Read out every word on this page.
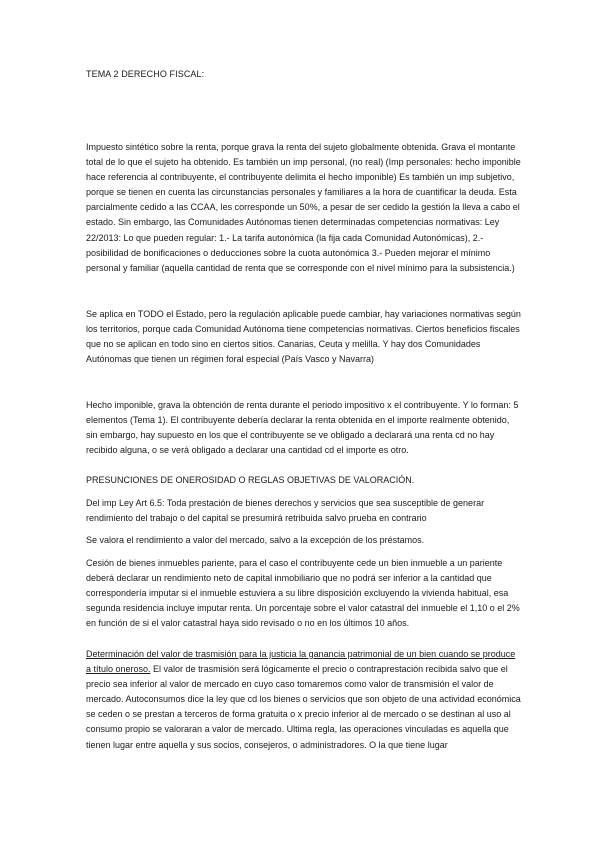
TEMA 2 DERECHO FISCAL:

Impuesto sintético sobre la renta, porque grava la renta del sujeto globalmente obtenida. Grava el montante total de lo que el sujeto ha obtenido. Es también un imp personal, (no real) (Imp personales: hecho imponible hace referencia al contribuyente, el contribuyente delimita el hecho imponible) Es también un imp subjetivo, porque se tienen en cuenta las circunstancias personales y familiares a la hora de cuantificar la deuda. Esta parcialmente cedido a las CCAA, les corresponde un 50%, a pesar de ser cedido la gestión la lleva a cabo el estado. Sin embargo, las Comunidades Autónomas tienen determinadas competencias normativas: Ley 22/2013: Lo que pueden regular: 1.- La tarifa autonómica (la fija cada Comunidad Autonómicas), 2.- posibilidad de bonificaciones o deducciones sobre la cuota autonómica 3.- Pueden mejorar el mínimo personal y familiar (aquella cantidad de renta que se corresponde con el nivel mínimo para la subsistencia.)

Se aplica en TODO el Estado, pero la regulación aplicable puede cambiar, hay variaciones normativas según los territorios, porque cada Comunidad Autónoma tiene competencias normativas. Ciertos beneficios fiscales que no se aplican en todo sino en ciertos sitios. Canarias, Ceuta y melilla. Y hay dos Comunidades Autónomas que tienen un régimen foral especial (País Vasco y Navarra)

Hecho imponible, grava la obtención de renta durante el periodo impositivo x el contribuyente. Y lo forman: 5 elementos (Tema 1). El contribuyente debería declarar la renta obtenida en el importe realmente obtenido, sin embargo, hay supuesto en los que el contribuyente se ve obligado a declarará una renta cd no hay recibido alguna, o se verá obligado a declarar una cantidad cd el importe es otro.

PRESUNCIONES DE ONEROSIDAD O REGLAS OBJETIVAS DE VALORACIÓN.

Del imp Ley Art 6.5: Toda prestación de bienes derechos y servicios que sea susceptible de generar rendimiento del trabajo o del capital se presumirá retribuida salvo prueba en contrario

Se valora el rendimiento a valor del mercado, salvo a la excepción de los préstamos.

Cesión de bienes inmuebles pariente, para el caso el contribuyente cede un bien inmueble a un pariente deberá declarar un rendimiento neto de capital inmobiliario que no podrá ser inferior a la cantidad que correspondería imputar si el inmueble estuviera a su libre disposición excluyendo la vivienda habitual, esa segunda residencia incluye imputar renta. Un porcentaje sobre el valor catastral del inmueble el 1,10 o el 2% en función de si el valor catastral haya sido revisado o no en los últimos 10 años.

Determinación del valor de trasmisión para la justicia la ganancia patrimonial de un bien cuando se produce a título oneroso. El valor de trasmisión será lógicamente el precio o contraprestación recibida salvo que el precio sea inferior al valor de mercado en cuyo caso tomaremos como valor de transmisión el valor de mercado. Autoconsumos dice la ley que cd los bienes o servicios que son objeto de una actividad económica se ceden o se prestan a terceros de forma gratuita o x precio inferior al de mercado o se destinan al uso al consumo propio se valoraran a valor de mercado. Ultima regla, las operaciones vinculadas es aquella que tienen lugar entre aquella y sus socios, consejeros, o administradores. O la que tiene lugar
